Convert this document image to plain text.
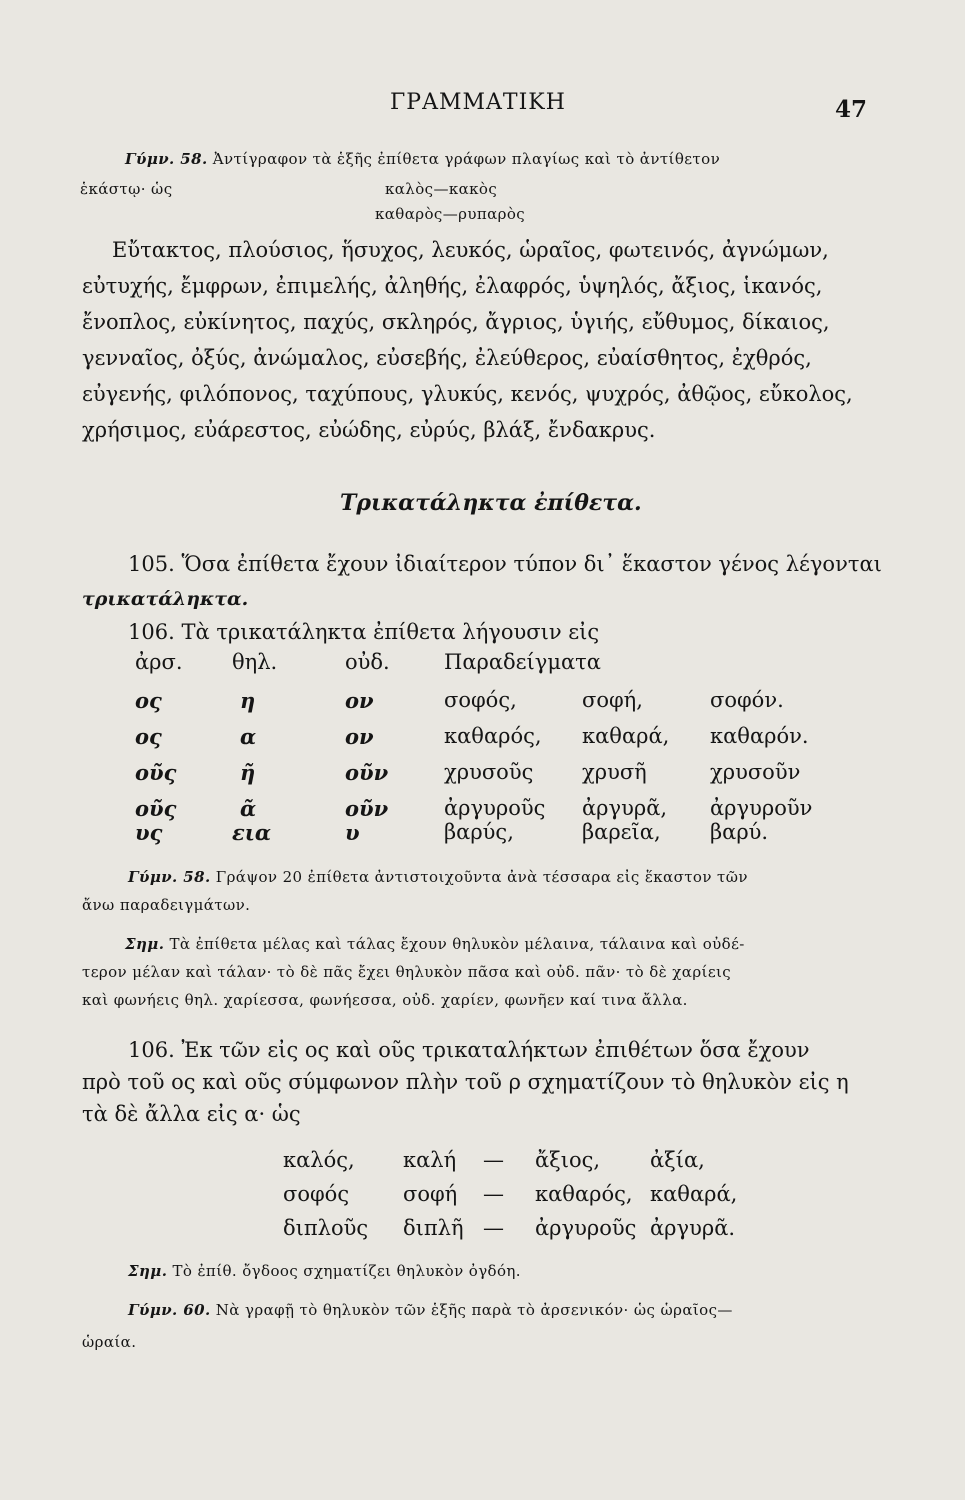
ΓΡΑΜΜΑΤΙΚΗ	47
Γύμν. 58. Ἀντίγραφον τὰ ἑξῆς ἐπίθετα γράφων πλαγίως καὶ τὸ ἀντίθετον
ἑκάστῳ· ὡς	καλὸς—κακὸς
καθαρὸς—ρυπαρὸς
Εὔτακτος, πλούσιος, ἥσυχος, λευκός, ὡραῖος, φωτεινός, ἀγνώμων,
εὐτυχής, ἔμφρων, ἐπιμελής, ἀληθής, ἐλαφρός, ὑψηλός, ἄξιος, ἱκανός,
ἔνοπλος, εὐκίνητος, παχύς, σκληρός, ἄγριος, ὑγιής, εὔθυμος, δίκαιος,
γενναῖος, ὀξύς, ἀνώμαλος, εὐσεβής, ἐλεύθερος, εὐαίσθητος, ἐχθρός,
εὐγενής, φιλόπονος, ταχύπους, γλυκύς, κενός, ψυχρός, ἀθῷος, εὔκολος,
χρήσιμος, εὐάρεστος, εὐώδης, εὐρύς, βλάξ, ἔνδακρυς.
Τρικατάληκτα ἐπίθετα.
105. Ὅσα ἐπίθετα ἔχουν ἰδιαίτερον τύπον δι᾽ ἕκαστον γένος λέγονται
τρικατάληκτα.
106. Τὰ τρικατάληκτα ἐπίθετα λήγουσιν εἰς
ἀρσ. θηλ.	οὐδ.	Παραδείγματα
ος	η	ον	σοφός,	σοφή,	σοφόν.
ος	α	ον	καθαρός, καθαρά, καθαρόν.
οῦς	ῆ	οῦν	χρυσοῦς χρυσῆ	χρυσοῦν
οῦς	ᾶ	οῦν	ἀργυροῦς ἀργυρᾶ, ἀργυροῦν
υς	εια	υ	βαρύς,	βαρεῖα, βαρύ.
Γύμν. 58. Γράψον 20 ἐπίθετα ἀντιστοιχοῦντα ἀνὰ τέσσαρα εἰς ἕκαστον τῶν
ἄνω παραδειγμάτων.
Σημ. Τὰ ἐπίθετα μέλας καὶ τάλας ἔχουν θηλυκὸν μέλαινα, τάλαινα καὶ οὐδέ-
τερον μέλαν καὶ τάλαν· τὸ δὲ πᾶς ἔχει θηλυκὸν πᾶσα καὶ οὐδ. πᾶν· τὸ δὲ χαρίεις
καὶ φωνήεις θηλ. χαρίεσσα, φωνήεσσα, οὐδ. χαρίεν, φωνῆεν καί τινα ἄλλα.
106. Ἐκ τῶν εἰς ος καὶ οῦς τρικαταλήκτων ἐπιθέτων ὅσα ἔχουν
πρὸ τοῦ ος καὶ οῦς σύμφωνον πλὴν τοῦ ρ σχηματίζουν τὸ θηλυκὸν εἰς η
τὰ δὲ ἄλλα εἰς α· ὡς
καλός, καλή — ἄξιος, ἀξία,
σοφός	σοφή — καθαρός, καθαρά,
διπλοῦς διπλῆ — ἀργυροῦς ἀργυρᾶ.
Σημ. Τὸ ἐπίθ. ὄγδοος σχηματίζει θηλυκὸν ὀγδόη.
Γύμν. 60. Νὰ γραφῇ τὸ θηλυκὸν τῶν ἑξῆς παρὰ τὸ ἀρσενικόν· ὡς ὡραῖος—
ὡραία.
